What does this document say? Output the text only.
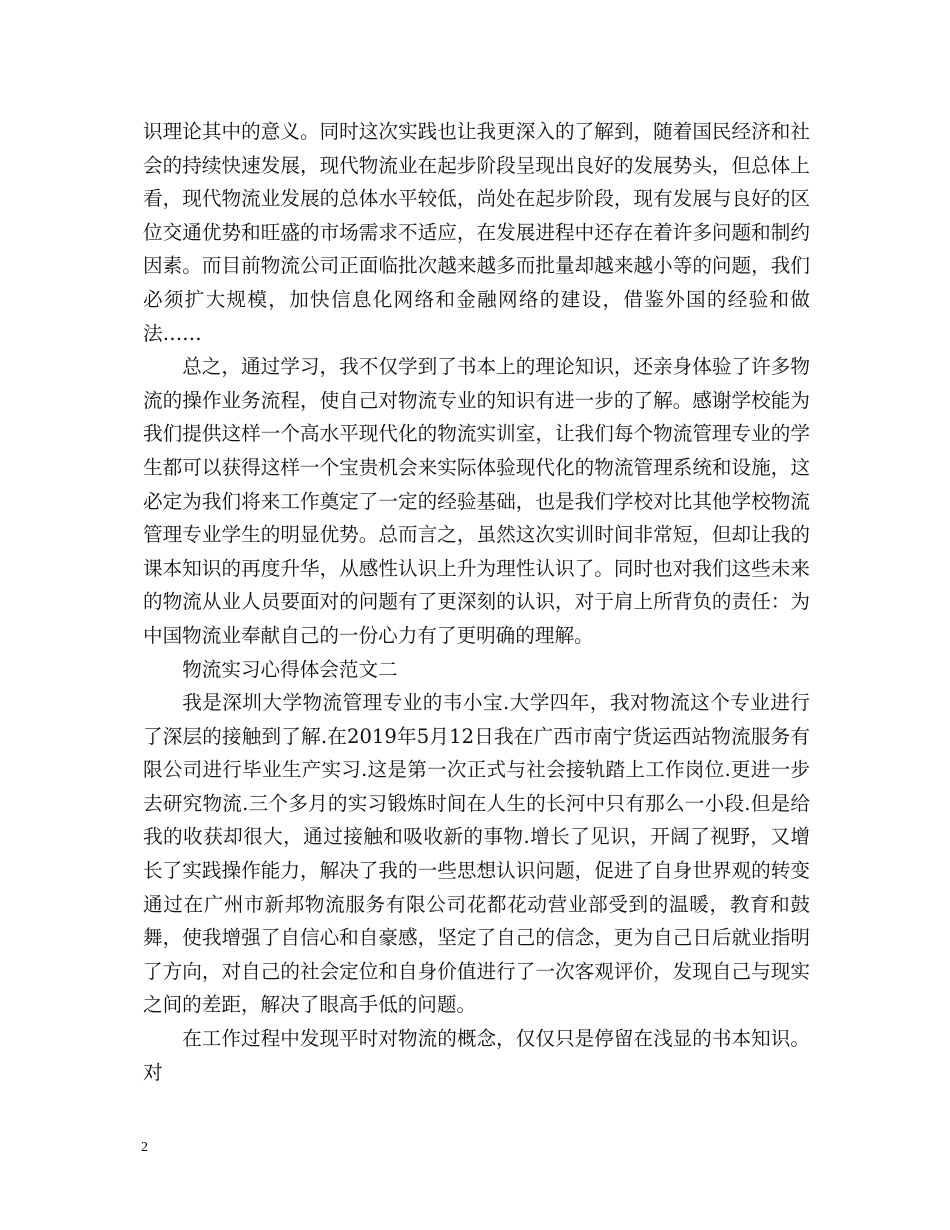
识理论其中的意义。同时这次实践也让我更深入的了解到，随着国民经济和社会的持续快速发展，现代物流业在起步阶段呈现出良好的发展势头，但总体上看，现代物流业发展的总体水平较低，尚处在起步阶段，现有发展与良好的区位交通优势和旺盛的市场需求不适应，在发展进程中还存在着许多问题和制约因素。而目前物流公司正面临批次越来越多而批量却越来越小等的问题，我们必须扩大规模，加快信息化网络和金融网络的建设，借鉴外国的经验和做法……

总之，通过学习，我不仅学到了书本上的理论知识，还亲身体验了许多物流的操作业务流程，使自己对物流专业的知识有进一步的了解。感谢学校能为我们提供这样一个高水平现代化的物流实训室，让我们每个物流管理专业的学生都可以获得这样一个宝贵机会来实际体验现代化的物流管理系统和设施，这必定为我们将来工作奠定了一定的经验基础，也是我们学校对比其他学校物流管理专业学生的明显优势。总而言之，虽然这次实训时间非常短，但却让我的课本知识的再度升华，从感性认识上升为理性认识了。同时也对我们这些未来的物流从业人员要面对的问题有了更深刻的认识，对于肩上所背负的责任：为中国物流业奉献自己的一份心力有了更明确的理解。

物流实习心得体会范文二

我是深圳大学物流管理专业的韦小宝.大学四年，我对物流这个专业进行了深层的接触到了解.在2019年5月12日我在广西市南宁货运西站物流服务有限公司进行毕业生产实习.这是第一次正式与社会接轨踏上工作岗位.更进一步去研究物流.三个多月的实习锻炼时间在人生的长河中只有那么一小段.但是给我的收获却很大，通过接触和吸收新的事物.增长了见识，开阔了视野，又增长了实践操作能力，解决了我的一些思想认识问题，促进了自身世界观的转变通过在广州市新邦物流服务有限公司花都花动营业部受到的温暖，教育和鼓舞，使我增强了自信心和自豪感，坚定了自己的信念，更为自己日后就业指明了方向，对自己的社会定位和自身价值进行了一次客观评价，发现自己与现实之间的差距，解决了眼高手低的问题。

在工作过程中发现平时对物流的概念，仅仅只是停留在浅显的书本知识。对

2
